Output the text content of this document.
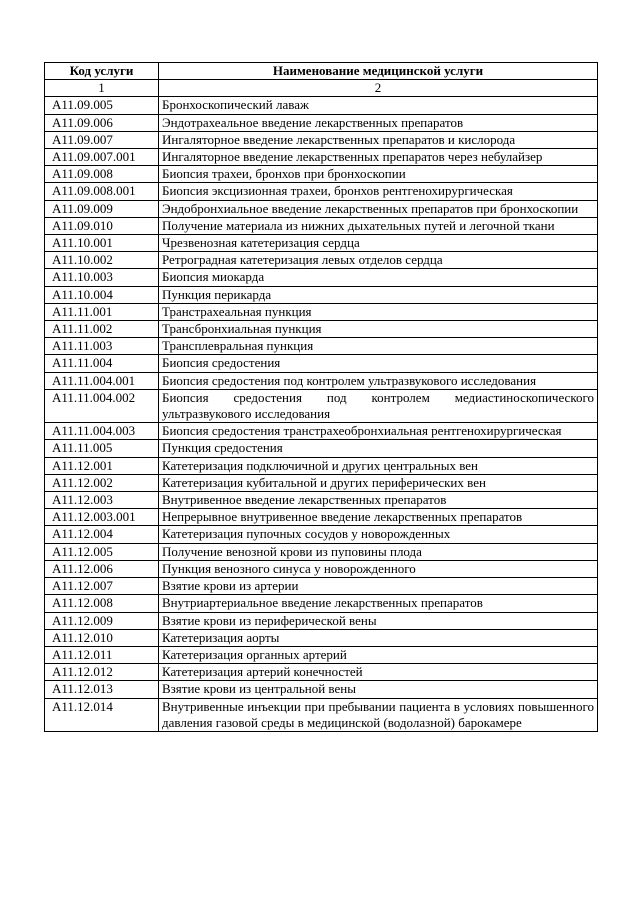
Код услуги	Наименование медицинской услуги
1	2
A11.09.005	Бронхоскопический лаваж
A11.09.006	Эндотрахеальное введение лекарственных препаратов
A11.09.007	Ингаляторное введение лекарственных препаратов и кислорода
A11.09.007.001	Ингаляторное введение лекарственных препаратов через небулайзер
A11.09.008	Биопсия трахеи, бронхов при бронхоскопии
A11.09.008.001	Биопсия эксцизионная трахеи, бронхов рентгенохирургическая
A11.09.009	Эндобронхиальное введение лекарственных препаратов при бронхоскопии
A11.09.010	Получение материала из нижних дыхательных путей и легочной ткани
A11.10.001	Чрезвенозная катетеризация сердца
A11.10.002	Ретроградная катетеризация левых отделов сердца
A11.10.003	Биопсия миокарда
A11.10.004	Пункция перикарда
A11.11.001	Транстрахеальная пункция
A11.11.002	Трансбронхиальная пункция
A11.11.003	Трансплевральная пункция
A11.11.004	Биопсия средостения
A11.11.004.001	Биопсия средостения под контролем ультразвукового исследования
A11.11.004.002	Биопсия средостения под контролем медиастиноскопического ультразвукового исследования
A11.11.004.003	Биопсия средостения транстрахеобронхиальная рентгенохирургическая
A11.11.005	Пункция средостения
A11.12.001	Катетеризация подключичной и других центральных вен
A11.12.002	Катетеризация кубитальной и других периферических вен
A11.12.003	Внутривенное введение лекарственных препаратов
A11.12.003.001	Непрерывное внутривенное введение лекарственных препаратов
A11.12.004	Катетеризация пупочных сосудов у новорожденных
A11.12.005	Получение венозной крови из пуповины плода
A11.12.006	Пункция венозного синуса у новорожденного
A11.12.007	Взятие крови из артерии
A11.12.008	Внутриартериальное введение лекарственных препаратов
A11.12.009	Взятие крови из периферической вены
A11.12.010	Катетеризация аорты
A11.12.011	Катетеризация органных артерий
A11.12.012	Катетеризация артерий конечностей
A11.12.013	Взятие крови из центральной вены
A11.12.014	Внутривенные инъекции при пребывании пациента в условиях повышенного давления газовой среды в медицинской (водолазной) барокамере
